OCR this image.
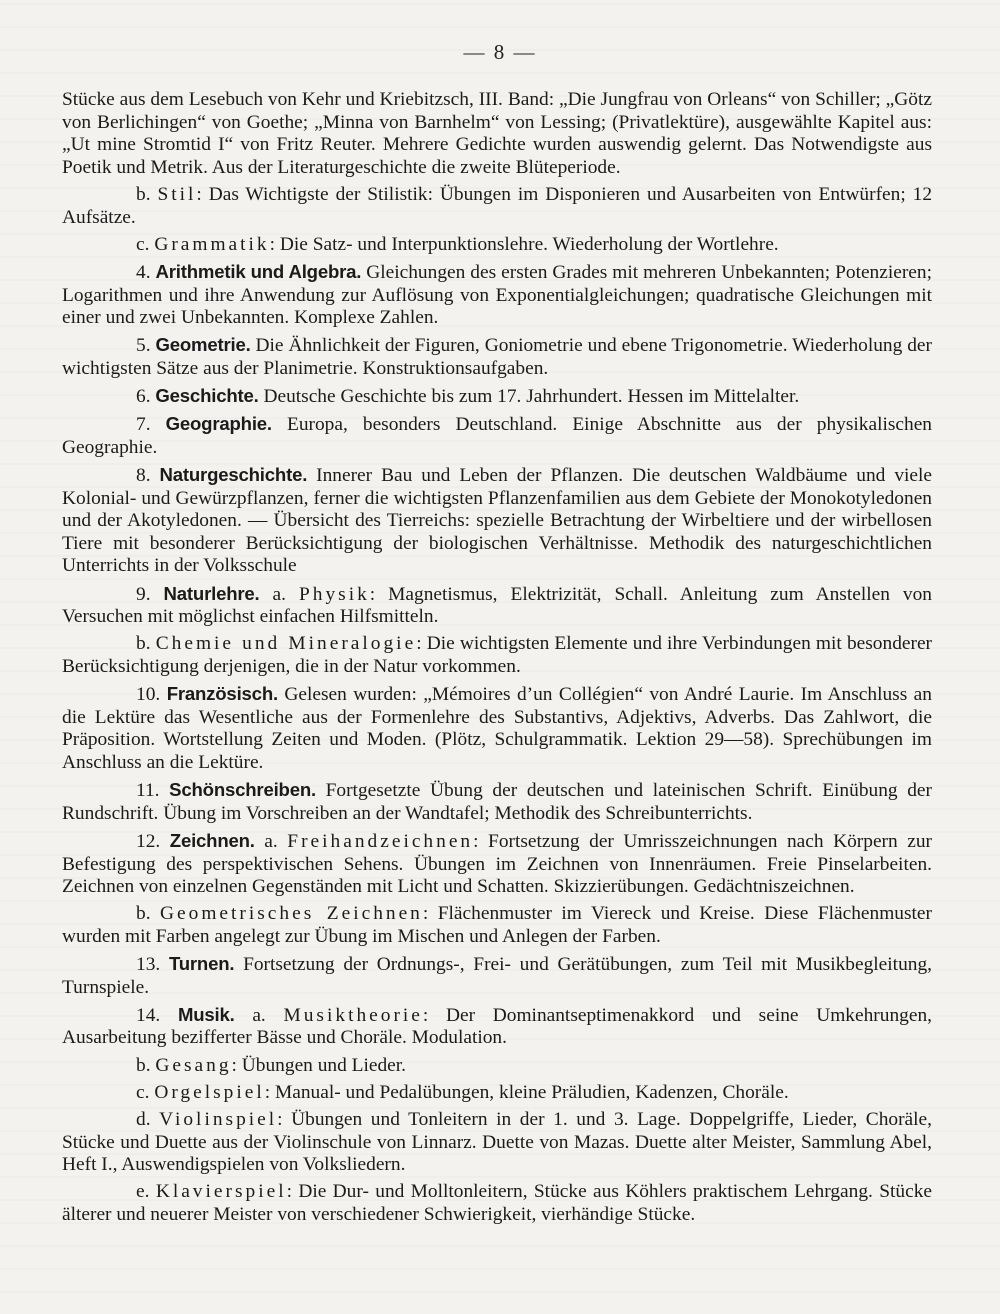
— 8 —

Stücke aus dem Lesebuch von Kehr und Kriebitzsch, III. Band: „Die Jungfrau von Orleans“ von Schiller; „Götz von Berlichingen“ von Goethe; „Minna von Barnhelm“ von Lessing; (Privatlektüre), ausgewählte Kapitel aus: „Ut mine Stromtid I“ von Fritz Reuter. Mehrere Gedichte wurden auswendig gelernt. Das Notwendigste aus Poetik und Metrik. Aus der Literaturgeschichte die zweite Blüteperiode.

b. Stil: Das Wichtigste der Stilistik: Übungen im Disponieren und Ausarbeiten von Entwürfen; 12 Aufsätze.

c. Grammatik: Die Satz- und Interpunktionslehre. Wiederholung der Wortlehre.

4. Arithmetik und Algebra. Gleichungen des ersten Grades mit mehreren Unbekannten; Potenzieren; Logarithmen und ihre Anwendung zur Auflösung von Exponentialgleichungen; quadratische Gleichungen mit einer und zwei Unbekannten. Komplexe Zahlen.

5. Geometrie. Die Ähnlichkeit der Figuren, Goniometrie und ebene Trigonometrie. Wiederholung der wichtigsten Sätze aus der Planimetrie. Konstruktionsaufgaben.

6. Geschichte. Deutsche Geschichte bis zum 17. Jahrhundert. Hessen im Mittelalter.

7. Geographie. Europa, besonders Deutschland. Einige Abschnitte aus der physikalischen Geographie.

8. Naturgeschichte. Innerer Bau und Leben der Pflanzen. Die deutschen Waldbäume und viele Kolonial- und Gewürzpflanzen, ferner die wichtigsten Pflanzenfamilien aus dem Gebiete der Monokotyledonen und der Akotyledonen. — Übersicht des Tierreichs: spezielle Betrachtung der Wirbeltiere und der wirbellosen Tiere mit besonderer Berücksichtigung der biologischen Verhältnisse. Methodik des naturgeschichtlichen Unterrichts in der Volksschule

9. Naturlehre. a. Physik: Magnetismus, Elektrizität, Schall. Anleitung zum Anstellen von Versuchen mit möglichst einfachen Hilfsmitteln.

b. Chemie und Mineralogie: Die wichtigsten Elemente und ihre Verbindungen mit besonderer Berücksichtigung derjenigen, die in der Natur vorkommen.

10. Französisch. Gelesen wurden: „Mémoires d’un Collégien“ von André Laurie. Im Anschluss an die Lektüre das Wesentliche aus der Formenlehre des Substantivs, Adjektivs, Adverbs. Das Zahlwort, die Präposition. Wortstellung Zeiten und Moden. (Plötz, Schulgrammatik. Lektion 29—58). Sprechübungen im Anschluss an die Lektüre.

11. Schönschreiben. Fortgesetzte Übung der deutschen und lateinischen Schrift. Einübung der Rundschrift. Übung im Vorschreiben an der Wandtafel; Methodik des Schreibunterrichts.

12. Zeichnen. a. Freihandzeichnen: Fortsetzung der Umrisszeichnungen nach Körpern zur Befestigung des perspektivischen Sehens. Übungen im Zeichnen von Innenräumen. Freie Pinselarbeiten. Zeichnen von einzelnen Gegenständen mit Licht und Schatten. Skizzierübungen. Gedächtniszeichnen.

b. Geometrisches Zeichnen: Flächenmuster im Viereck und Kreise. Diese Flächenmuster wurden mit Farben angelegt zur Übung im Mischen und Anlegen der Farben.

13. Turnen. Fortsetzung der Ordnungs-, Frei- und Gerätübungen, zum Teil mit Musikbegleitung, Turnspiele.

14. Musik. a. Musiktheorie: Der Dominantseptimenakkord und seine Umkehrungen, Ausarbeitung bezifferter Bässe und Choräle. Modulation.

b. Gesang: Übungen und Lieder.

c. Orgelspiel: Manual- und Pedalübungen, kleine Präludien, Kadenzen, Choräle.

d. Violinspiel: Übungen und Tonleitern in der 1. und 3. Lage. Doppelgriffe, Lieder, Choräle, Stücke und Duette aus der Violinschule von Linnarz. Duette von Mazas. Duette alter Meister, Sammlung Abel, Heft I., Auswendigspielen von Volksliedern.

e. Klavierspiel: Die Dur- und Molltonleitern, Stücke aus Köhlers praktischem Lehrgang. Stücke älterer und neuerer Meister von verschiedener Schwierigkeit, vierhändige Stücke.
